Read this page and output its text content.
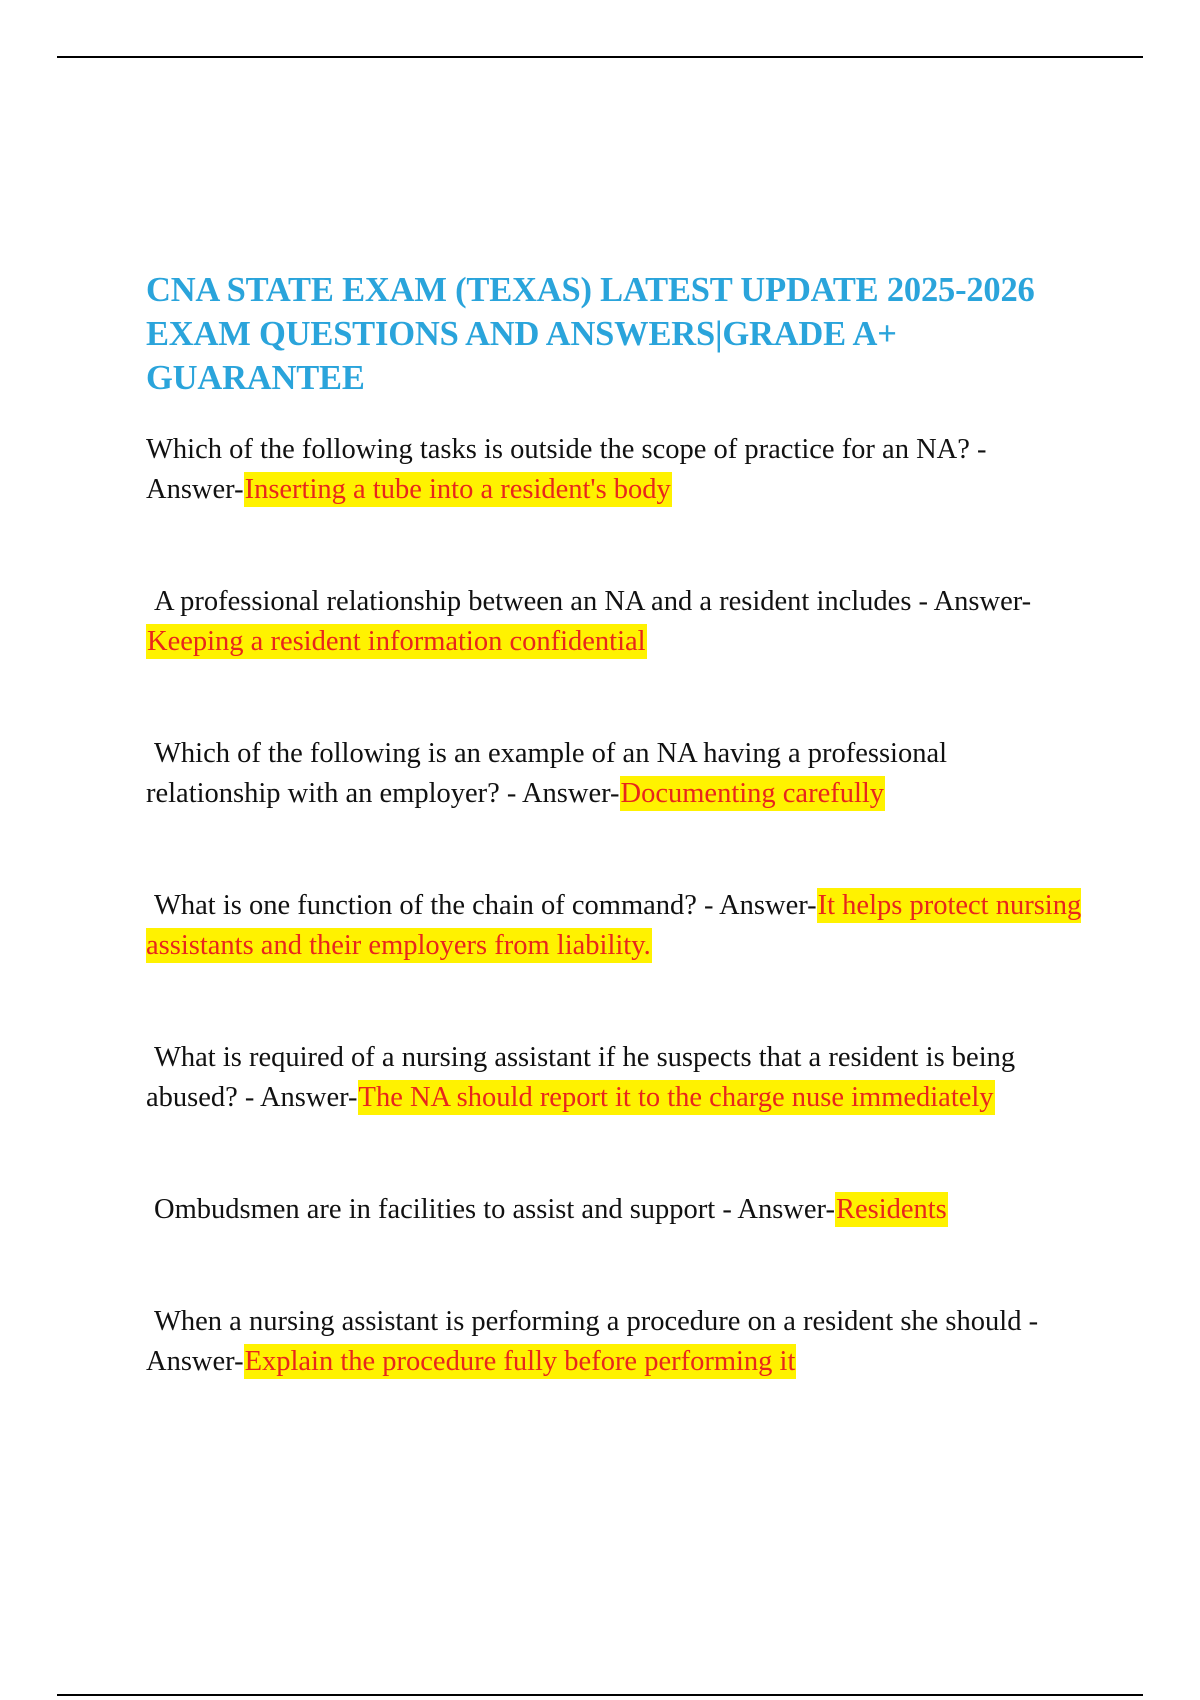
CNA STATE EXAM (TEXAS) LATEST UPDATE 2025-2026 EXAM QUESTIONS AND ANSWERS|GRADE A+ GUARANTEE

Which of the following tasks is outside the scope of practice for an NA? - Answer-Inserting a tube into a resident's body

A professional relationship between an NA and a resident includes - Answer-Keeping a resident information confidential

Which of the following is an example of an NA having a professional relationship with an employer? - Answer-Documenting carefully

What is one function of the chain of command? - Answer-It helps protect nursing assistants and their employers from liability.

What is required of a nursing assistant if he suspects that a resident is being abused? - Answer-The NA should report it to the charge nuse immediately

Ombudsmen are in facilities to assist and support - Answer-Residents

When a nursing assistant is performing a procedure on a resident she should - Answer-Explain the procedure fully before performing it
